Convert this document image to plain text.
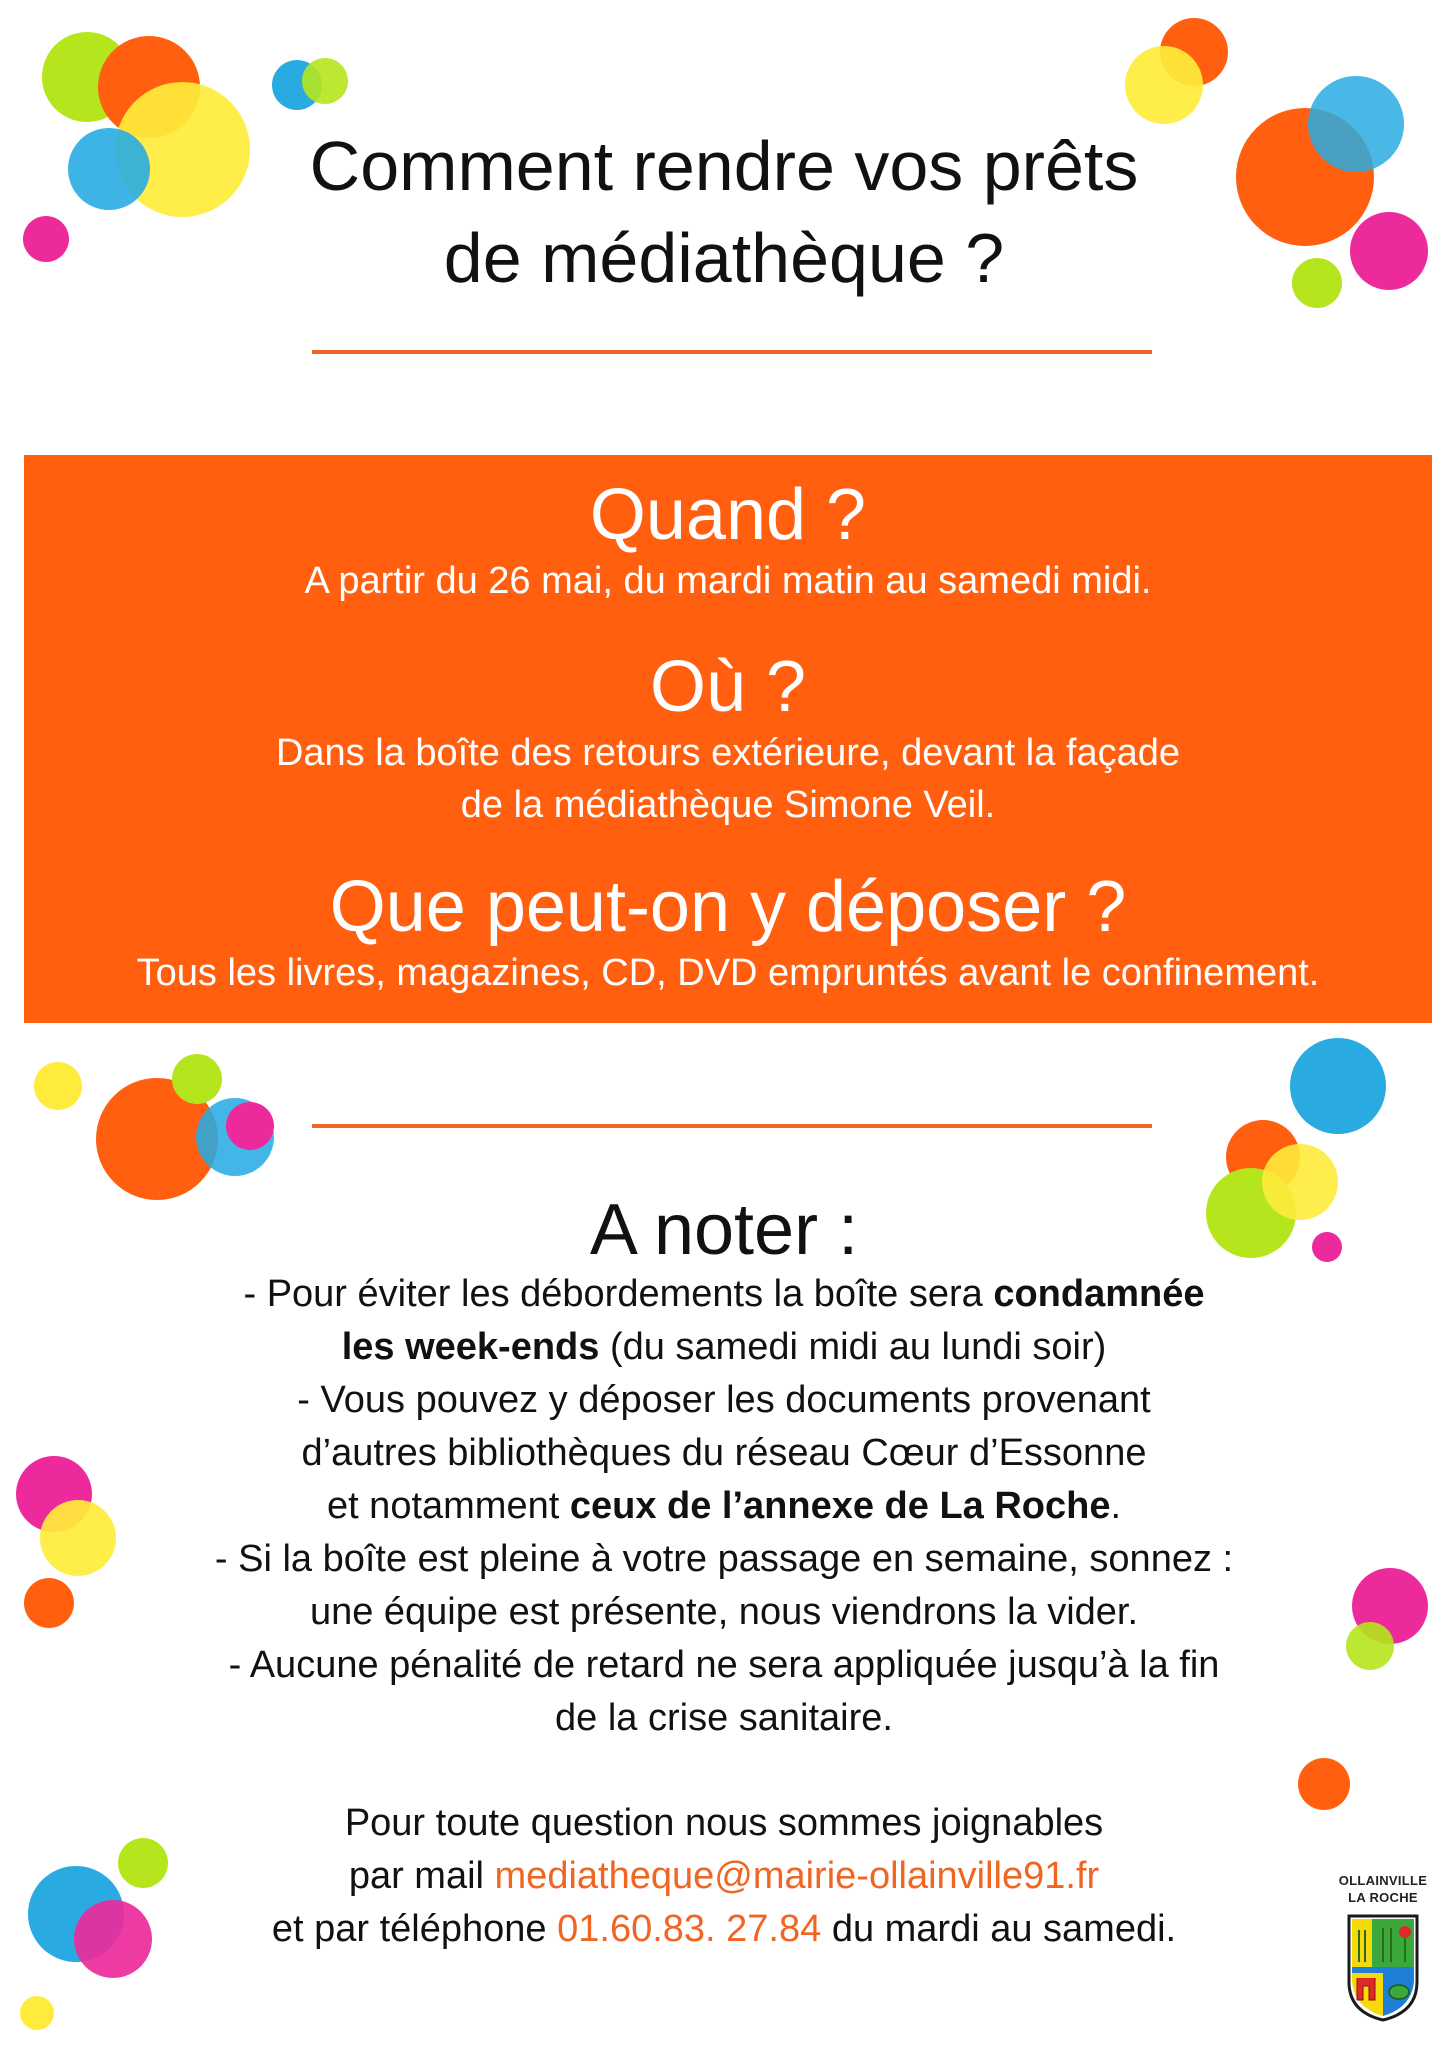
Comment rendre vos prêts
de médiathèque ?
Quand ?

A partir du 26 mai, du mardi matin au samedi midi.

Où ?

Dans la boîte des retours extérieure, devant la façade

de la médiathèque Simone Veil.

Que peut-on y déposer ?

Tous les livres, magazines, CD, DVD empruntés avant le confinement.

A noter :
- Pour éviter les débordements la boîte sera condamnée
les week-ends (du samedi midi au lundi soir)
- Vous pouvez y déposer les documents provenant
d’autres bibliothèques du réseau Cœur d’Essonne
et notamment ceux de l’annexe de La Roche.
- Si la boîte est pleine à votre passage en semaine, sonnez :
une équipe est présente, nous viendrons la vider.
- Aucune pénalité de retard ne sera appliquée jusqu’à la fin
de la crise sanitaire.
Pour toute question nous sommes joignables
par mail mediatheque@mairie-ollainville91.fr
et par téléphone 01.60.83. 27.84 du mardi au samedi.
OLLAINVILLE
LA ROCHE
